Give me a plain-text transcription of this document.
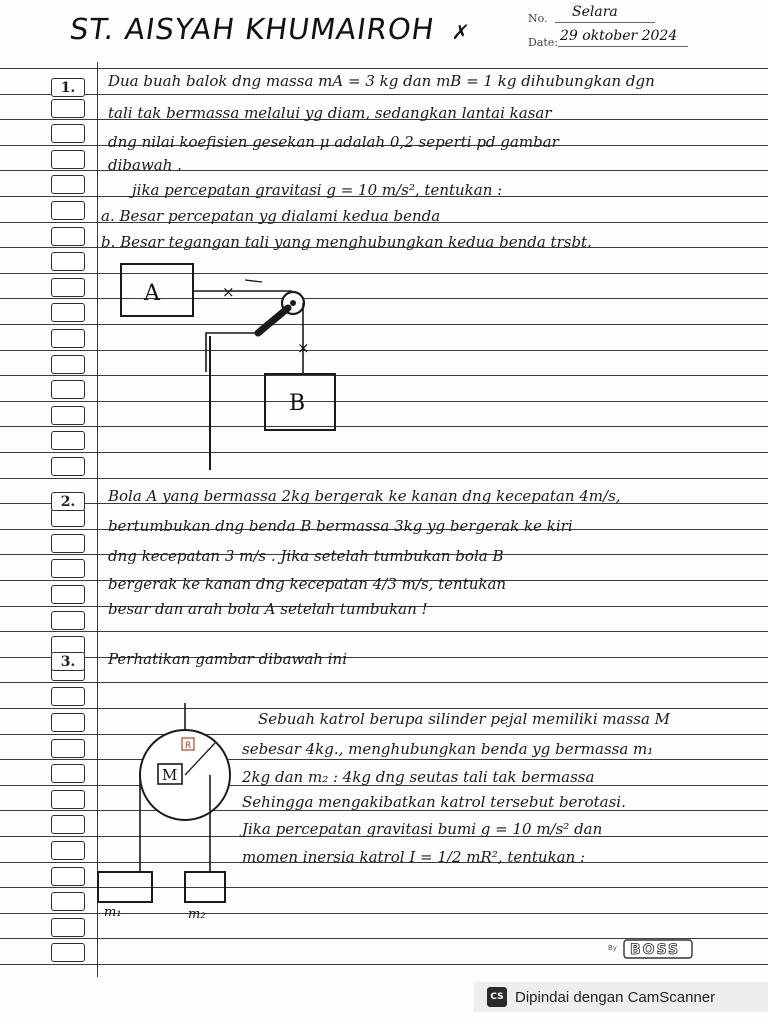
ST. AISYAH KHUMAIROH ✗
No. Selara
Date: 29 oktober 2024
1.	Dua buah balok dng massa mA = 3 kg dan mB = 1 kg dihubungkan dgn
tali tak bermassa melalui yg diam, sedangkan lantai kasar
dng nilai koefisien gesekan μ adalah 0,2 seperti pd gambar
dibawah .
jika percepatan gravitasi g = 10 m/s², tentukan :
a. Besar percepatan yg dialami kedua benda
b. Besar tegangan tali yang menghubungkan kedua benda trsbt.
A	×
×
B
2.	Bola A yang bermassa 2kg bergerak ke kanan dng kecepatan 4m/s,
bertumbukan dng benda B bermassa 3kg yg bergerak ke kiri
dng kecepatan 3 m/s . Jika setelah tumbukan bola B
bergerak ke kanan dng kecepatan 4/3 m/s, tentukan
besar dan arah bola A setelah tumbukan !
3.	Perhatikan gambar dibawah ini
Sebuah katrol berupa silinder pejal memiliki massa M
sebesar 4kg., menghubungkan benda yg bermassa m₁
2kg dan m₂ : 4kg dng seutas tali tak bermassa
Sehingga mengakibatkan katrol tersebut berotasi.
Jika percepatan gravitasi bumi g = 10 m/s² dan
momen inersia katrol I = 1/2 mR², tentukan :
R
M
m₁	m₂
By BOSS
CS Dipindai dengan CamScanner
